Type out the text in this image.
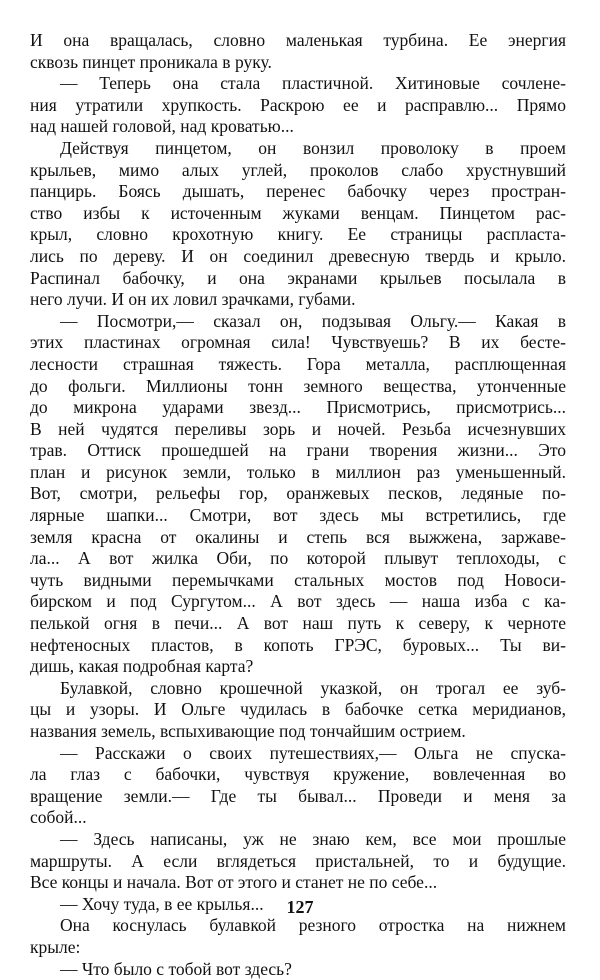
И она вращалась, словно маленькая турбина. Ее энергия
сквозь пинцет проникала в руку.
— Теперь она стала пластичной. Хитиновые сочлене-
ния утратили хрупкость. Раскрою ее и расправлю... Прямо
над нашей головой, над кроватью...
Действуя пинцетом, он вонзил проволоку в проем
крыльев, мимо алых углей, проколов слабо хрустнувший
панцирь. Боясь дышать, перенес бабочку через простран-
ство избы к источенным жуками венцам. Пинцетом рас-
крыл, словно крохотную книгу. Ее страницы распласта-
лись по дереву. И он соединил древесную твердь и крыло.
Распинал бабочку, и она экранами крыльев посылала в
него лучи. И он их ловил зрачками, губами.
— Посмотри,— сказал он, подзывая Ольгу.— Какая в
этих пластинах огромная сила! Чувствуешь? В их бесте-
лесности страшная тяжесть. Гора металла, расплющенная
до фольги. Миллионы тонн земного вещества, утонченные
до микрона ударами звезд... Присмотрись, присмотрись...
В ней чудятся переливы зорь и ночей. Резьба исчезнувших
трав. Оттиск прошедшей на грани творения жизни... Это
план и рисунок земли, только в миллион раз уменьшенный.
Вот, смотри, рельефы гор, оранжевых песков, ледяные по-
лярные шапки... Смотри, вот здесь мы встретились, где
земля красна от окалины и степь вся выжжена, заржаве-
ла... А вот жилка Оби, по которой плывут теплоходы, с
чуть видными перемычками стальных мостов под Новоси-
бирском и под Сургутом... А вот здесь — наша изба с ка-
пелькой огня в печи... А вот наш путь к северу, к черноте
нефтеносных пластов, в копоть ГРЭС, буровых... Ты ви-
дишь, какая подробная карта?
Булавкой, словно крошечной указкой, он трогал ее зуб-
цы и узоры. И Ольге чудилась в бабочке сетка меридианов,
названия земель, вспыхивающие под тончайшим острием.
— Расскажи о своих путешествиях,— Ольга не спуска-
ла глаз с бабочки, чувствуя кружение, вовлеченная во
вращение земли.— Где ты бывал... Проведи и меня за
собой...
— Здесь написаны, уж не знаю кем, все мои прошлые
маршруты. А если вглядеться пристальней, то и будущие.
Все концы и начала. Вот от этого и станет не по себе...
— Хочу туда, в ее крылья...
Она коснулась булавкой резного отростка на нижнем
крыле:
— Что было с тобой вот здесь?
127
